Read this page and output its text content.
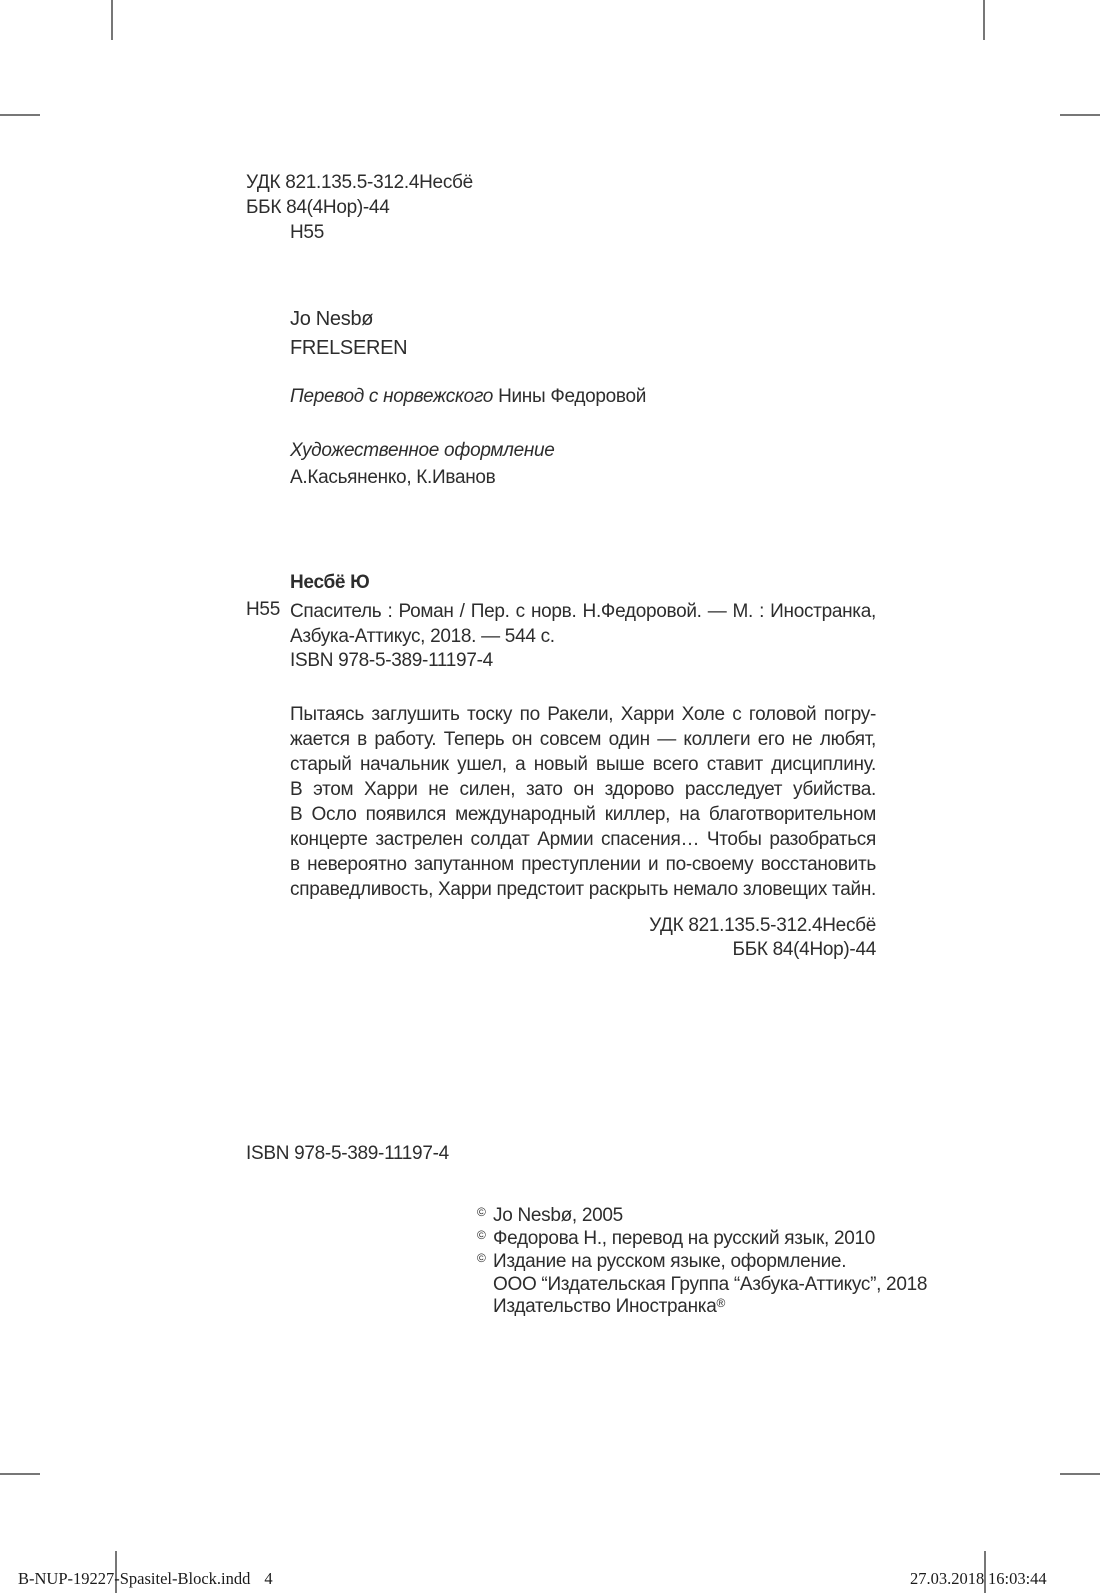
УДК 821.135.5-312.4Несбё
ББК 84(4Нор)-44
Н55
Jo Nesbø
FRELSEREN
Перевод с норвежского Нины Федоровой
Художественное оформление
А.Касьяненко, К.Иванов
Несбё Ю
Н55 Спаситель : Роман / Пер. с норв. Н.Федоровой. — М. : Иностранка,
Азбука-Аттикус, 2018. — 544 с.
ISBN 978-5-389-11197-4
Пытаясь заглушить тоску по Ракели, Харри Холе с головой погру-
жается в работу. Теперь он совсем один — коллеги его не любят,
старый начальник ушел, а новый выше всего ставит дисциплину.
В этом Харри не силен, зато он здорово расследует убийства.
В Осло появился международный киллер, на благотворительном
концерте застрелен солдат Армии спасения… Чтобы разобраться
в невероятно запутанном преступлении и по-своему восстановить
справедливость, Харри предстоит раскрыть немало зловещих тайн.
УДК 821.135.5-312.4Несбё
ББК 84(4Нор)-44
ISBN 978-5-389-11197-4
© Jo Nesbø, 2005
© Федорова Н., перевод на русский язык, 2010
© Издание на русском языке, оформление.
ООО “Издательская Группа “Азбука-Аттикус”, 2018
Издательство Иностранка®
B-NUP-19227-Spasitel-Block.indd 4	27.03.2018 16:03:44
